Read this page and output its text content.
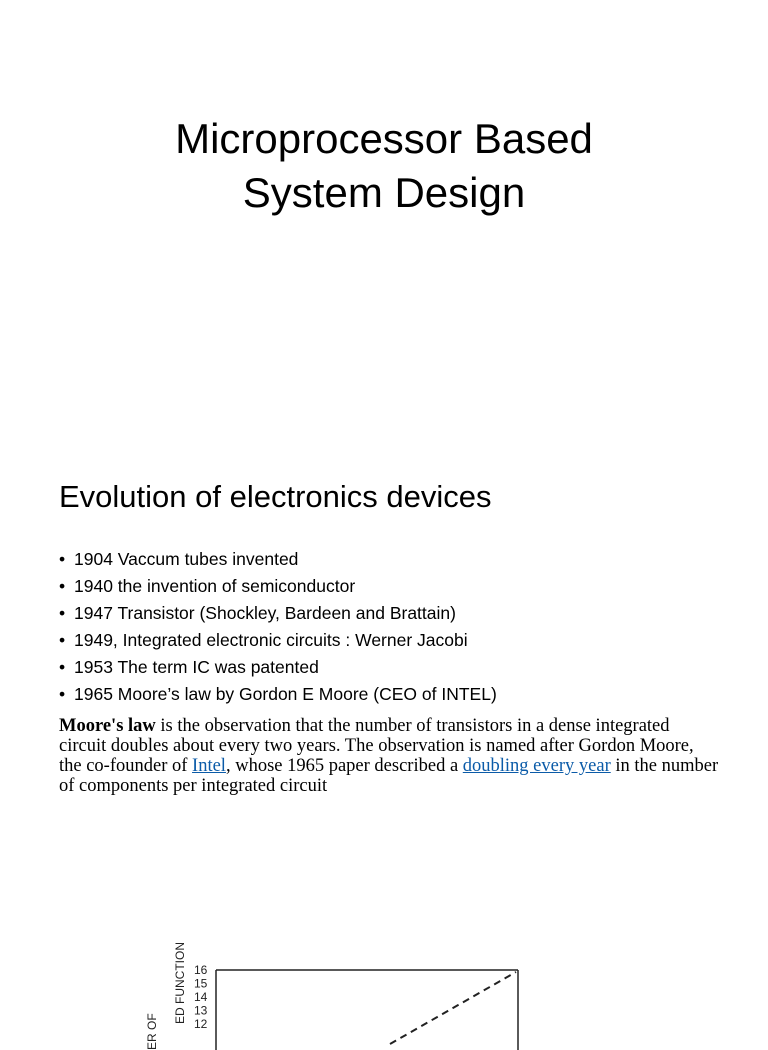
Microprocessor Based
System Design
Evolution of electronics devices
• 1904 Vaccum tubes invented
• 1940 the invention of semiconductor
• 1947 Transistor (Shockley, Bardeen and Brattain)
• 1949, Integrated electronic circuits : Werner Jacobi
• 1953 The term IC was patented
• 1965 Moore’s law by Gordon E Moore (CEO of INTEL)

Moore's law is the observation that the number of transistors in a dense integrated circuit doubles about every two years. The observation is named after Gordon Moore, the co-founder of Intel, whose 1965 paper described a doubling every year in the number of components per integrated circuit

ER OF
ED FUNCTION 16
15
14
13
12
